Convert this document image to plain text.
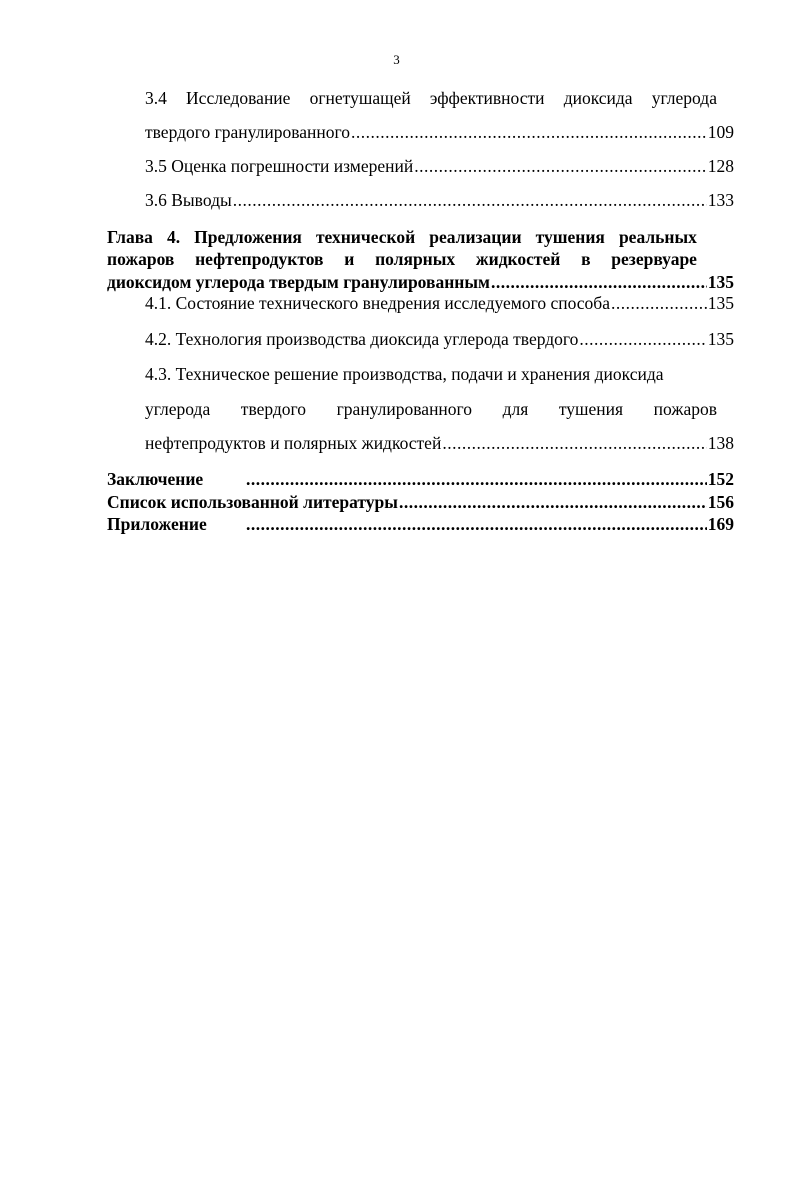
3
3.4 Исследование огнетушащей эффективности диоксида углерода
твердого гранулированного .....	109
3.5 Оценка погрешности измерений .....	128
3.6 Выводы .....	133
Глава 4. Предложения технической реализации тушения реальных
пожаров нефтепродуктов и полярных жидкостей в резервуаре
диоксидом углерода твердым гранулированным .....	135
4.1. Состояние технического внедрения исследуемого способа .....	135
4.2. Технология производства диоксида углерода твердого .....	135
4.3. Техническое решение производства, подачи и хранения диоксида
углерода твердого гранулированного для тушения пожаров
нефтепродуктов и полярных жидкостей .....	138
Заключение .....	152
Список использованной литературы .....	156
Приложение .....	169
